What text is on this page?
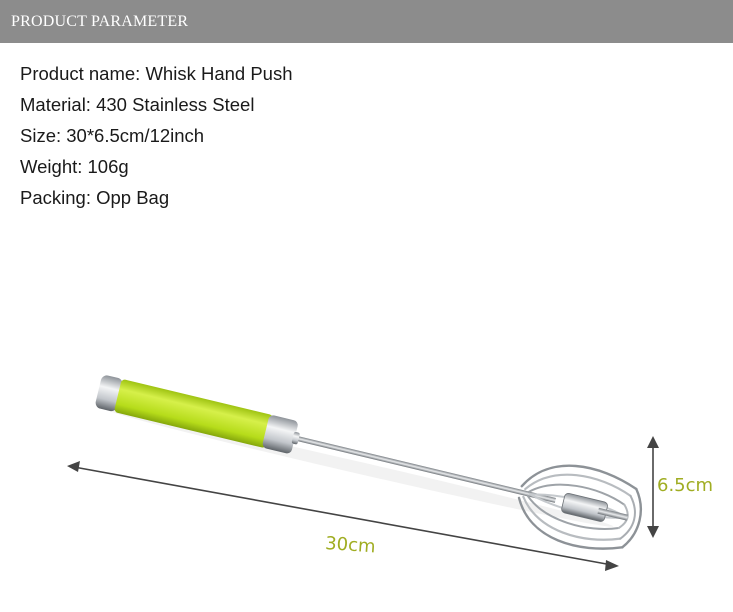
PRODUCT PARAMETER
Product name: Whisk Hand Push
Material: 430 Stainless Steel
Size: 30*6.5cm/12inch
Weight: 106g
Packing: Opp Bag
30cm
6.5cm
